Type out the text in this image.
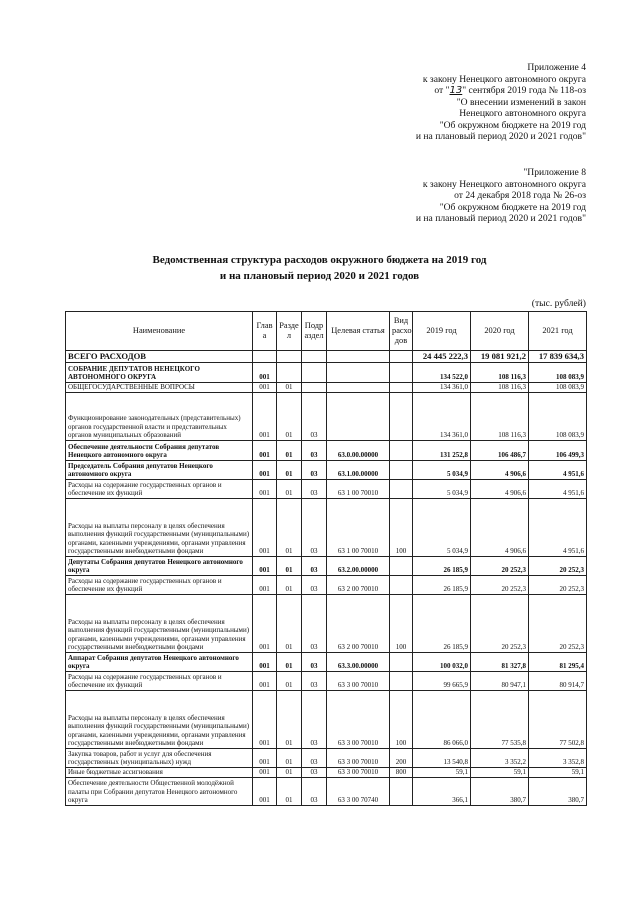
Приложение 4
к закону Ненецкого автономного округа
от "13" сентября 2019 года № 118-оз
"О внесении изменений в закон
Ненецкого автономного округа
"Об окружном бюджете на 2019 год
и на плановый период 2020 и 2021 годов"
"Приложение 8
к закону Ненецкого автономного округа
от 24 декабря 2018 года № 26-оз
"Об окружном бюджете на 2019 год
и на плановый период 2020 и 2021 годов"
Ведомственная структура расходов окружного бюджета на 2019 год
и на плановый период 2020 и 2021 годов
(тыс. рублей)
Наименование	Глав а	Разде л	Подр аздел	Целевая статья	Вид расхо дов	2019 год	2020 год	2021 год
ВСЕГО РАСХОДОВ						24 445 222,3	19 081 921,2	17 839 634,3
СОБРАНИЕ ДЕПУТАТОВ НЕНЕЦКОГО АВТОНОМНОГО ОКРУГА	001					134 522,0	108 116,3	108 083,9
ОБЩЕГОСУДАРСТВЕННЫЕ ВОПРОСЫ	001	01				134 361,0	108 116,3	108 083,9
Функционирование законодательных (представительных) органов государственной власти и представительных органов муниципальных образований	001	01	03			134 361,0	108 116,3	108 083,9
Обеспечение деятельности Собрания депутатов Ненецкого автономного округа	001	01	03	63.0.00.00000		131 252,8	106 486,7	106 499,3
Председатель Собрания депутатов Ненецкого автономного округа	001	01	03	63.1.00.00000		5 034,9	4 906,6	4 951,6
Расходы на содержание государственных органов и обеспечение их функций	001	01	03	63 1 00 70010		5 034,9	4 906,6	4 951,6
Расходы на выплаты персоналу в целях обеспечения выполнения функций государственными (муниципальными) органами, казенными учреждениями, органами управления государственными внебюджетными фондами	001	01	03	63 1 00 70010	100	5 034,9	4 906,6	4 951,6
Депутаты Собрания депутатов Ненецкого автономного округа	001	01	03	63.2.00.00000		26 185,9	20 252,3	20 252,3
Расходы на содержание государственных органов и обеспечение их функций	001	01	03	63 2 00 70010		26 185,9	20 252,3	20 252,3
Расходы на выплаты персоналу в целях обеспечения выполнения функций государственными (муниципальными) органами, казенными учреждениями, органами управления государственными внебюджетными фондами	001	01	03	63 2 00 70010	100	26 185,9	20 252,3	20 252,3
Аппарат Собрания депутатов Ненецкого автономного округа	001	01	03	63.3.00.00000		100 032,0	81 327,8	81 295,4
Расходы на содержание государственных органов и обеспечение их функций	001	01	03	63 3 00 70010		99 665,9	80 947,1	80 914,7
Расходы на выплаты персоналу в целях обеспечения выполнения функций государственными (муниципальными) органами, казенными учреждениями, органами управления государственными внебюджетными фондами	001	01	03	63 3 00 70010	100	86 066,0	77 535,8	77 502,8
Закупка товаров, работ и услуг для обеспечения государственных (муниципальных) нужд	001	01	03	63 3 00 70010	200	13 540,8	3 352,2	3 352,8
Иные бюджетные ассигнования	001	01	03	63 3 00 70010	800	59,1	59,1	59,1
Обеспечение деятельности Общественной молодёжной палаты при Собрании депутатов Ненецкого автономного округа	001	01	03	63 3 00 70740		366,1	380,7	380,7
